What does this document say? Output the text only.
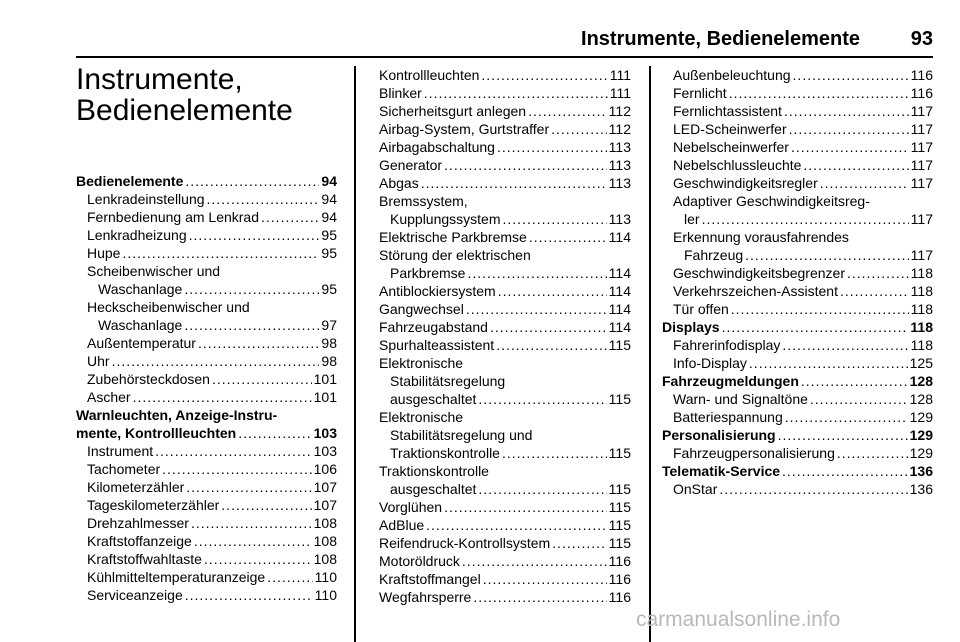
Instrumente, Bedienelemente	93
Instrumente,
Bedienelemente
Bedienelemente .....	94
Lenkradeinstellung .....	94
Fernbedienung am Lenkrad .....	94
Lenkradheizung .....	95
Hupe .....	95
Scheibenwischer und
Waschanlage .....	95
Heckscheibenwischer und
Waschanlage .....	97
Außentemperatur .....	98
Uhr .....	98
Zubehörsteckdosen .....	101
Ascher .....	101
Warnleuchten, Anzeige-Instru-
mente, Kontrollleuchten .....	103
Instrument .....	103
Tachometer .....	106
Kilometerzähler .....	107
Tageskilometerzähler .....	107
Drehzahlmesser .....	108
Kraftstoffanzeige .....	108
Kraftstoffwahltaste .....	108
Kühlmitteltemperaturanzeige .....	110
Serviceanzeige .....	110
Kontrollleuchten .....	111
Blinker .....	111
Sicherheitsgurt anlegen .....	112
Airbag-System, Gurtstraffer .....	112
Airbagabschaltung .....	113
Generator .....	113
Abgas .....	113
Bremssystem,
Kupplungssystem .....	113
Elektrische Parkbremse .....	114
Störung der elektrischen
Parkbremse .....	114
Antiblockiersystem .....	114
Gangwechsel .....	114
Fahrzeugabstand .....	114
Spurhalteassistent .....	115
Elektronische
Stabilitätsregelung
ausgeschaltet .....	115
Elektronische
Stabilitätsregelung und
Traktionskontrolle .....	115
Traktionskontrolle
ausgeschaltet .....	115
Vorglühen .....	115
AdBlue .....	115
Reifendruck-Kontrollsystem .....	115
Motoröldruck .....	116
Kraftstoffmangel .....	116
Wegfahrsperre .....	116
Außenbeleuchtung .....	116
Fernlicht .....	116
Fernlichtassistent .....	117
LED-Scheinwerfer .....	117
Nebelscheinwerfer .....	117
Nebelschlussleuchte .....	117
Geschwindigkeitsregler .....	117
Adaptiver Geschwindigkeitsreg-
ler .....	117
Erkennung vorausfahrendes
Fahrzeug .....	117
Geschwindigkeitsbegrenzer .....	118
Verkehrszeichen-Assistent .....	118
Tür offen .....	118
Displays .....	118
Fahrerinfodisplay .....	118
Info-Display .....	125
Fahrzeugmeldungen .....	128
Warn- und Signaltöne .....	128
Batteriespannung .....	129
Personalisierung .....	129
Fahrzeugpersonalisierung .....	129
Telematik-Service .....	136
OnStar .....	136
carmanualsonline.info
